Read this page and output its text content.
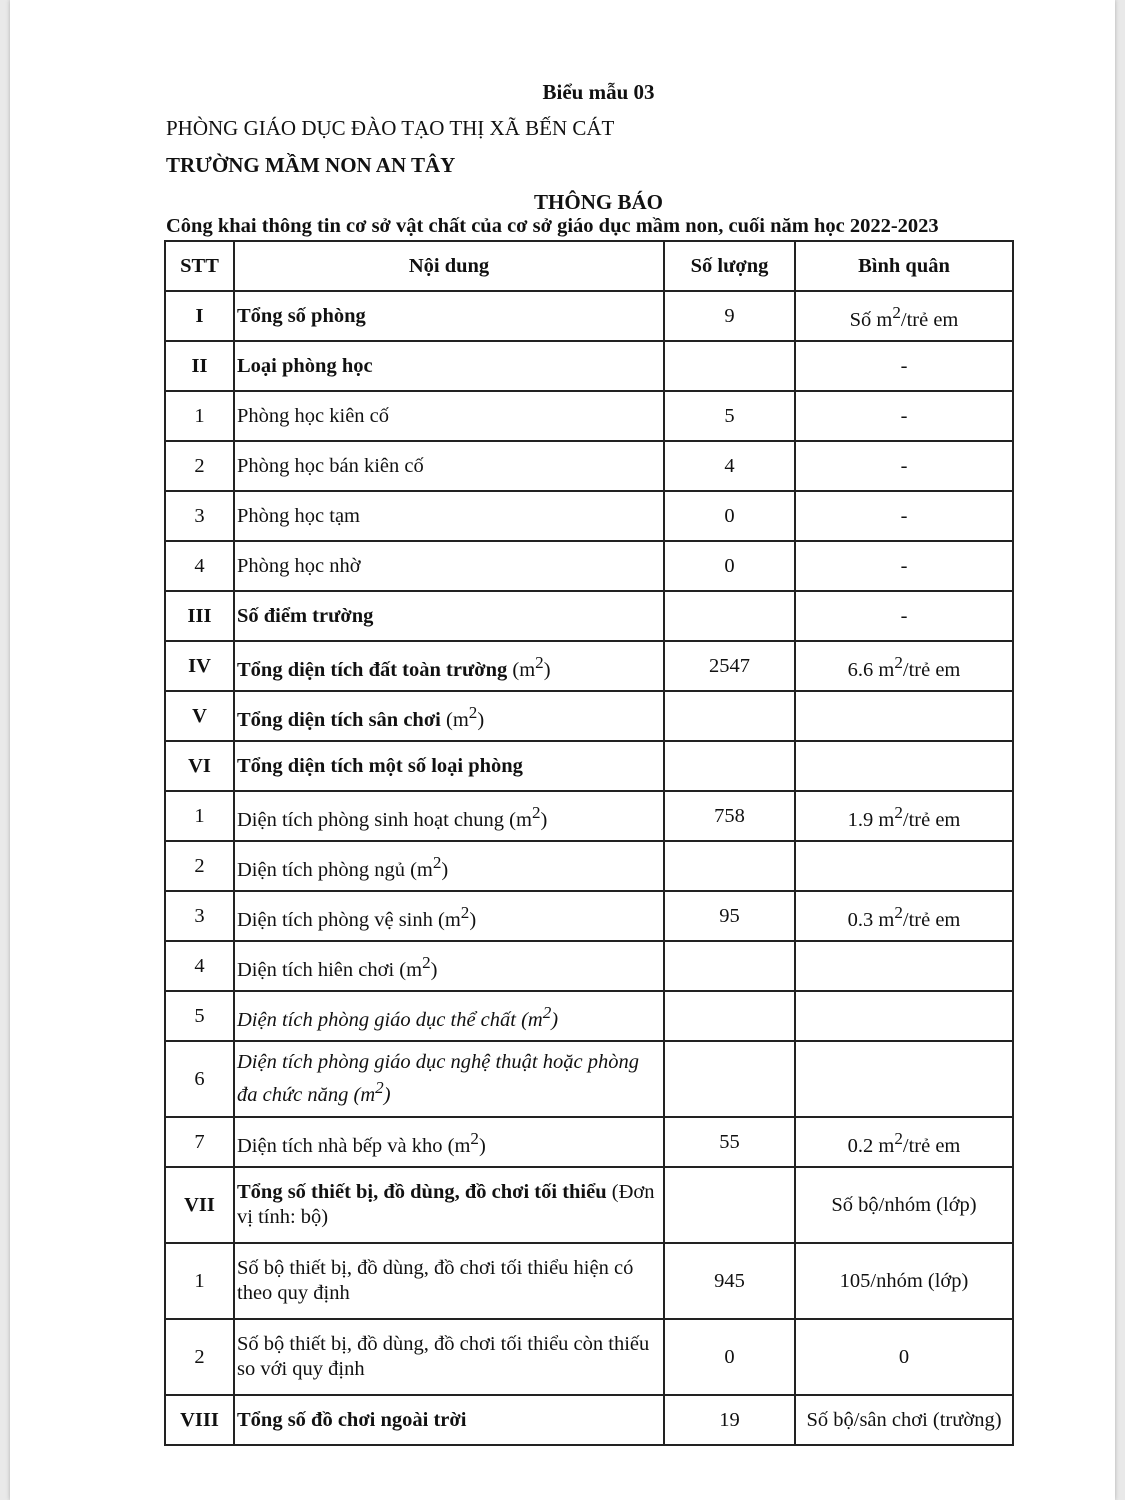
Biểu mẫu 03
PHÒNG GIÁO DỤC ĐÀO TẠO THỊ XÃ BẾN CÁT
TRƯỜNG MẦM NON AN TÂY
THÔNG BÁO
Công khai thông tin cơ sở vật chất của cơ sở giáo dục mầm non, cuối năm học 2022-2023
STT	Nội dung	Số lượng	Bình quân
I	Tổng số phòng	9	Số $m^2$/trẻ em
II	Loại phòng học		-
1	Phòng học kiên cố	5	-
2	Phòng học bán kiên cố	4	-
3	Phòng học tạm	0	-
4	Phòng học nhờ	0	-
III	Số điểm trường		-
IV	Tổng diện tích đất toàn trường $(m^2)$	2547	6.6 $m^2$/trẻ em
V	Tổng diện tích sân chơi $(m^2)$		
VI	Tổng diện tích một số loại phòng		
1	Diện tích phòng sinh hoạt chung $(m^2)$	758	1.9 $m^2$/trẻ em
2	Diện tích phòng ngủ $(m^2)$		
3	Diện tích phòng vệ $\sinh (m^2)$	95	0.3 $m^2$/trẻ em
4	Diện tích hiên chơi $(m^2)$		
5	Diện tích phòng giáo dục thể chất $(m^2)$		
6	Diện tích phòng giáo dục nghệ thuật hoặc phòng đa chức năng $(m^2)$		
7	Diện tích nhà bếp và kho $(m^2)$	55	0.2 $m^2$/trẻ em
VII	Tổng số thiết bị, đồ dùng, đồ chơi tối thiểu (Đơn vị tính: bộ)		Số bộ/nhóm (lớp)
1	Số bộ thiết bị, đồ dùng, đồ chơi tối thiểu hiện có theo quy định	945	105/nhóm (lớp)
2	Số bộ thiết bị, đồ dùng, đồ chơi tối thiểu còn thiếu so với quy định	0	0
VIII	Tổng số đồ chơi ngoài trời	19	Số bộ/sân chơi (trường)
